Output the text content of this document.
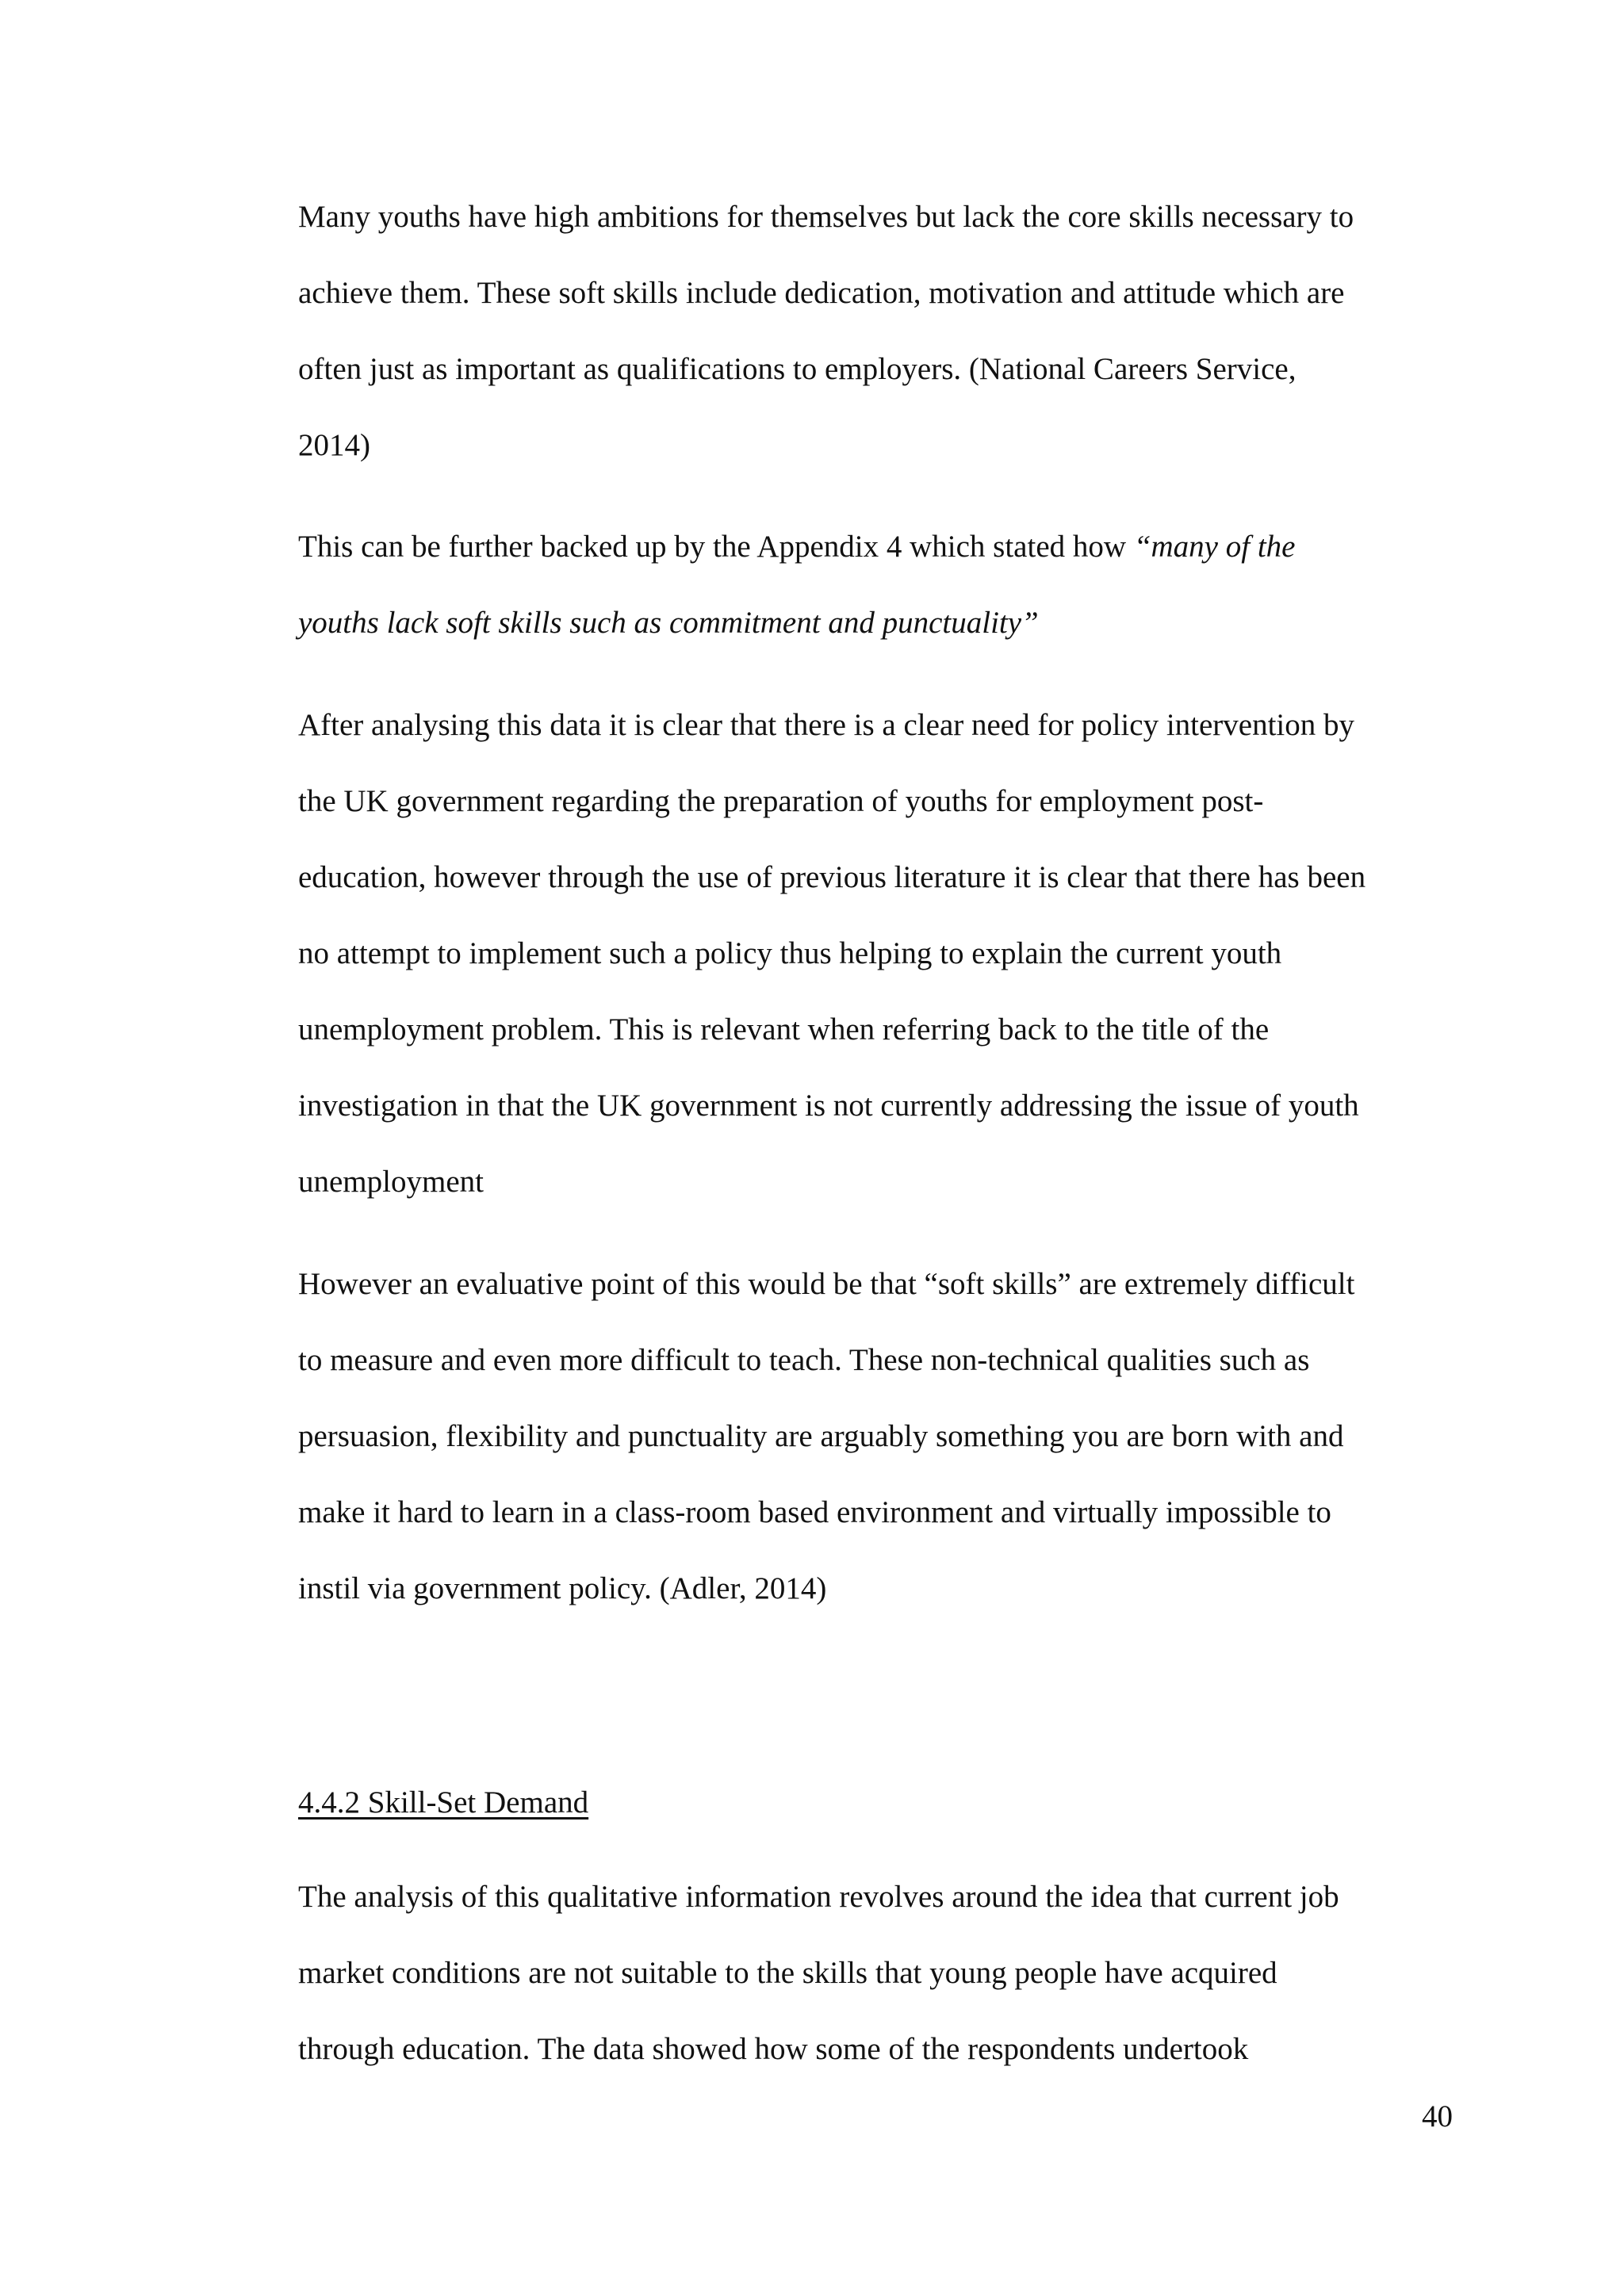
Many youths have high ambitions for themselves but lack the core skills necessary to
achieve them. These soft skills include dedication, motivation and attitude which are
often just as important as qualifications to employers. (National Careers Service,
2014)
This can be further backed up by the Appendix 4 which stated how “many of the
youths lack soft skills such as commitment and punctuality”
After analysing this data it is clear that there is a clear need for policy intervention by
the UK government regarding the preparation of youths for employment post-
education, however through the use of previous literature it is clear that there has been
no attempt to implement such a policy thus helping to explain the current youth
unemployment problem. This is relevant when referring back to the title of the
investigation in that the UK government is not currently addressing the issue of youth
unemployment
However an evaluative point of this would be that “soft skills” are extremely difficult
to measure and even more difficult to teach. These non-technical qualities such as
persuasion, flexibility and punctuality are arguably something you are born with and
make it hard to learn in a class-room based environment and virtually impossible to
instil via government policy. (Adler, 2014)
4.4.2 Skill-Set Demand
The analysis of this qualitative information revolves around the idea that current job
market conditions are not suitable to the skills that young people have acquired
through education. The data showed how some of the respondents undertook
40
